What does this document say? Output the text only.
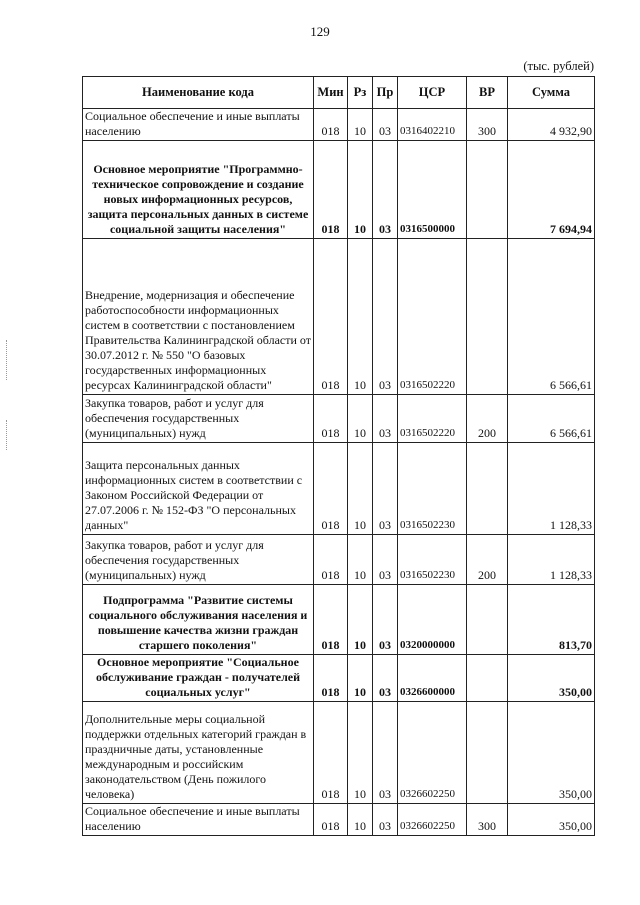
129
(тыс. рублей)
Наименование кода	Мин	Рз	Пр	ЦСР	ВР	Сумма
Социальное обеспечение и иные выплаты населению	018	10	03	0316402210	300	4 932,90
Основное мероприятие "Программно-техническое сопровождение и создание новых информационных ресурсов, защита персональных данных в системе социальной защиты населения"	018	10	03	0316500000		7 694,94
Внедрение, модернизация и обеспечение работоспособности информационных систем в соответствии с постановлением Правительства Калининградской области от 30.07.2012 г. № 550 "О базовых государственных информационных ресурсах Калининградской области"	018	10	03	0316502220		6 566,61
Закупка товаров, работ и услуг для обеспечения государственных (муниципальных) нужд	018	10	03	0316502220	200	6 566,61
Защита персональных данных информационных систем в соответствии с Законом Российской Федерации от 27.07.2006 г. № 152-ФЗ "О персональных данных"	018	10	03	0316502230		1 128,33
Закупка товаров, работ и услуг для обеспечения государственных (муниципальных) нужд	018	10	03	0316502230	200	1 128,33
Подпрограмма "Развитие системы социального обслуживания населения и повышение качества жизни граждан старшего поколения"	018	10	03	0320000000		813,70
Основное мероприятие "Социальное обслуживание граждан - получателей социальных услуг"	018	10	03	0326600000		350,00
Дополнительные меры социальной поддержки отдельных категорий граждан в праздничные даты, установленные международным и российским законодательством (День пожилого человека)	018	10	03	0326602250		350,00
Социальное обеспечение и иные выплаты населению	018	10	03	0326602250	300	350,00
